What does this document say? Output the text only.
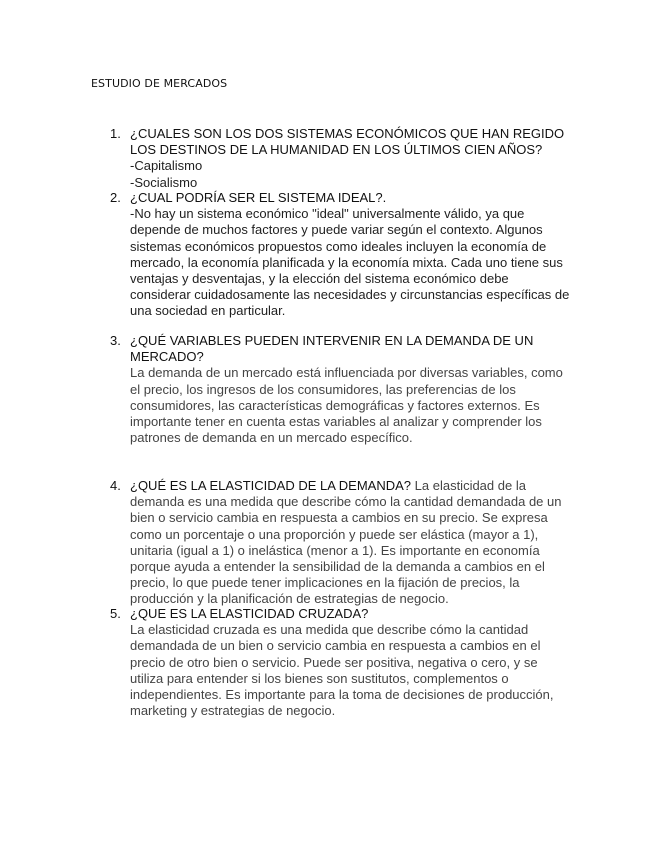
ESTUDIO DE MERCADOS
1. ¿CUALES SON LOS DOS SISTEMAS ECONÓMICOS QUE HAN REGIDO LOS DESTINOS DE LA HUMANIDAD EN LOS ÚLTIMOS CIEN AÑOS?
-Capitalismo
-Socialismo
2. ¿CUAL PODRÍA SER EL SISTEMA IDEAL?.
-No hay un sistema económico "ideal" universalmente válido, ya que depende de muchos factores y puede variar según el contexto. Algunos sistemas económicos propuestos como ideales incluyen la economía de mercado, la economía planificada y la economía mixta. Cada uno tiene sus ventajas y desventajas, y la elección del sistema económico debe considerar cuidadosamente las necesidades y circunstancias específicas de una sociedad en particular.
3. ¿QUÉ VARIABLES PUEDEN INTERVENIR EN LA DEMANDA DE UN MERCADO?
La demanda de un mercado está influenciada por diversas variables, como el precio, los ingresos de los consumidores, las preferencias de los consumidores, las características demográficas y factores externos. Es importante tener en cuenta estas variables al analizar y comprender los patrones de demanda en un mercado específico.
4. ¿QUÉ ES LA ELASTICIDAD DE LA DEMANDA? La elasticidad de la demanda es una medida que describe cómo la cantidad demandada de un bien o servicio cambia en respuesta a cambios en su precio. Se expresa como un porcentaje o una proporción y puede ser elástica (mayor a 1), unitaria (igual a 1) o inelástica (menor a 1). Es importante en economía porque ayuda a entender la sensibilidad de la demanda a cambios en el precio, lo que puede tener implicaciones en la fijación de precios, la producción y la planificación de estrategias de negocio.
5. ¿QUE ES LA ELASTICIDAD CRUZADA?
La elasticidad cruzada es una medida que describe cómo la cantidad demandada de un bien o servicio cambia en respuesta a cambios en el precio de otro bien o servicio. Puede ser positiva, negativa o cero, y se utiliza para entender si los bienes son sustitutos, complementos o independientes. Es importante para la toma de decisiones de producción, marketing y estrategias de negocio.
